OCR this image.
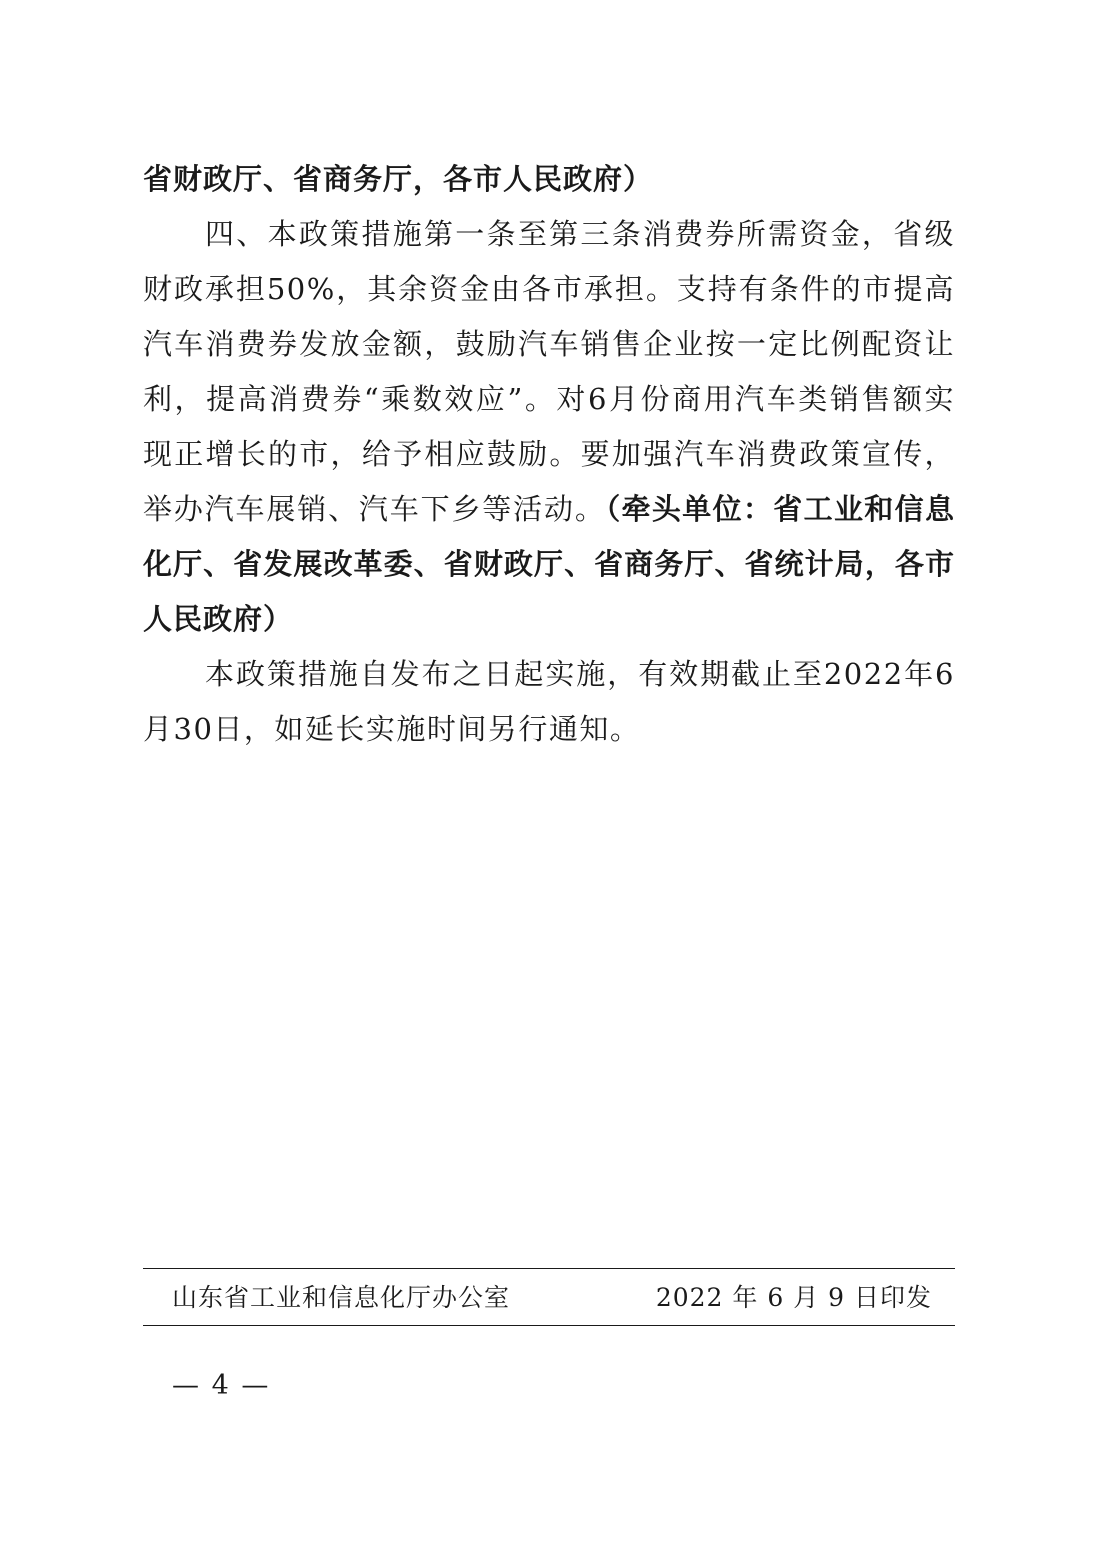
省财政厅、省商务厅，各市人民政府）

四、本政策措施第一条至第三条消费券所需资金，省级财政承担50%，其余资金由各市承担。支持有条件的市提高汽车消费券发放金额，鼓励汽车销售企业按一定比例配资让利，提高消费券“乘数效应”。对6月份商用汽车类销售额实现正增长的市，给予相应鼓励。要加强汽车消费政策宣传，举办汽车展销、汽车下乡等活动。（牵头单位：省工业和信息化厅、省发展改革委、省财政厅、省商务厅、省统计局，各市人民政府）

本政策措施自发布之日起实施，有效期截止至2022年6月30日，如延长实施时间另行通知。

山东省工业和信息化厅办公室	2022 年 6 月 9 日印发
— 4 —
